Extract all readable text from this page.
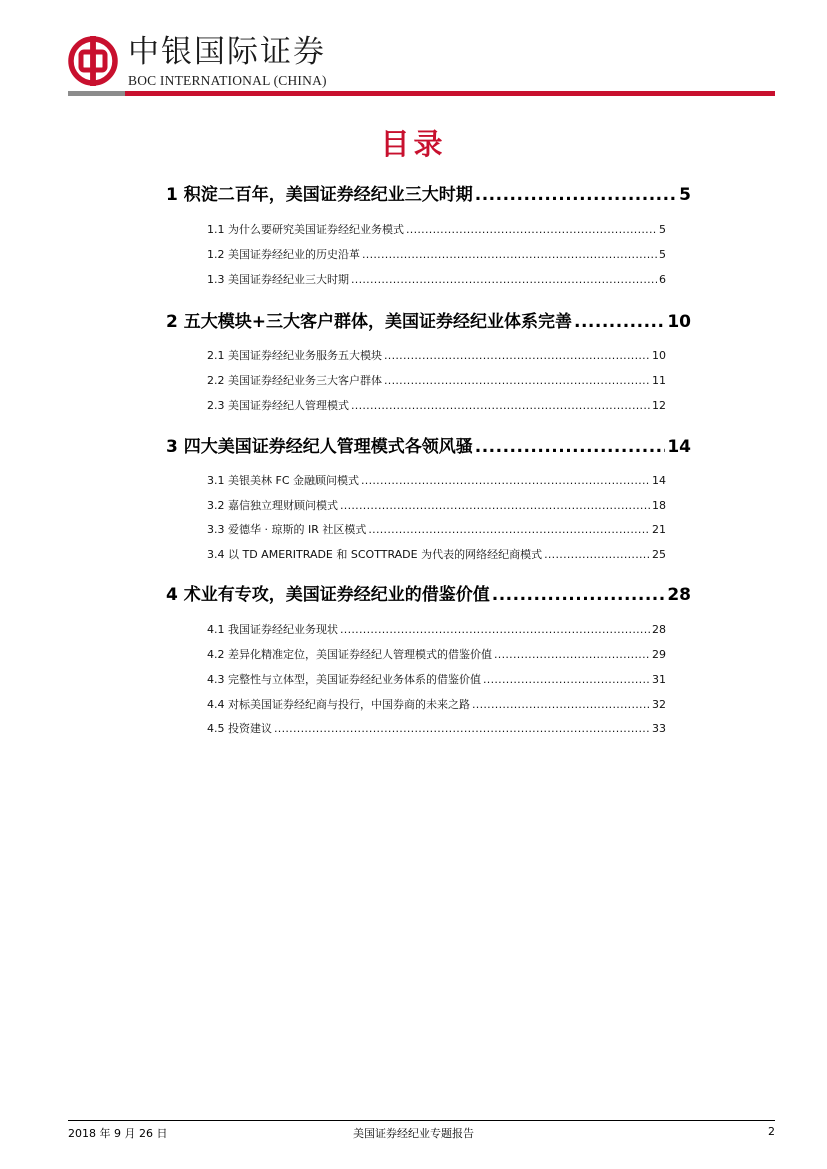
中银国际证券
BOC INTERNATIONAL (CHINA)
目录
1 积淀二百年，美国证券经纪业三大时期 .....	5
1.1 为什么要研究美国证券经纪业务模式 .....	5
1.2 美国证券经纪业的历史沿革 .....	5
1.3 美国证券经纪业三大时期 .....	6
2 五大模块+三大客户群体，美国证券经纪业体系完善 .....	10
2.1 美国证券经纪业务服务五大模块 .....	10
2.2 美国证券经纪业务三大客户群体 .....	11
2.3 美国证券经纪人管理模式 .....	12
3 四大美国证券经纪人管理模式各领风骚 .....	14
3.1 美银美林 FC 金融顾问模式 .....	14
3.2 嘉信独立理财顾问模式 .....	18
3.3 爱德华 · 琼斯的 IR 社区模式 .....	21
3.4 以 TD AMERITRADE 和 SCOTTRADE 为代表的网络经纪商模式 .....	25
4 术业有专攻，美国证券经纪业的借鉴价值 .....	28
4.1 我国证券经纪业务现状 .....	28
4.2 差异化精准定位，美国证券经纪人管理模式的借鉴价值 .....	29
4.3 完整性与立体型，美国证券经纪业务体系的借鉴价值 .....	31
4.4 对标美国证券经纪商与投行，中国券商的未来之路 .....	32
4.5 投资建议 .....	33
2018 年 9 月 26 日	美国证券经纪业专题报告	2
